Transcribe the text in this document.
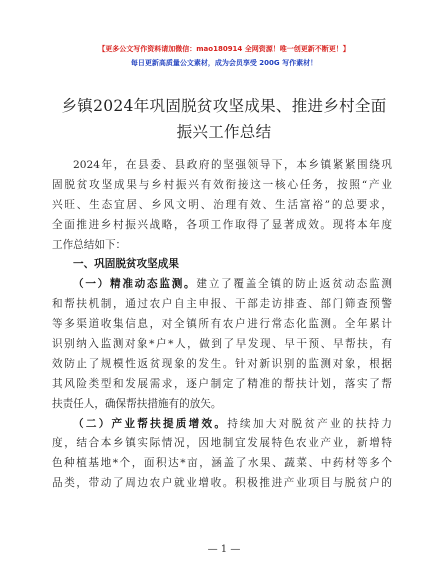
【更多公文写作资料请加微信：mao180914 全网资源！唯一创更新不断更！】
每日更新高质量公文素材，成为会员享受 200G 写作素材！
乡镇2024年巩固脱贫攻坚成果、推进乡村全面
振兴工作总结
2024年，在县委、县政府的坚强领导下，本乡镇紧紧围绕巩
固脱贫攻坚成果与乡村振兴有效衔接这一核心任务，按照“产业
兴旺、生态宜居、乡风文明、治理有效、生活富裕”的总要求，
全面推进乡村振兴战略，各项工作取得了显著成效。现将本年度
工作总结如下：
一、巩固脱贫攻坚成果
（一）精准动态监测。建立了覆盖全镇的防止返贫动态监测
和帮扶机制，通过农户自主申报、干部走访排查、部门筛查预警
等多渠道收集信息，对全镇所有农户进行常态化监测。全年累计
识别纳入监测对象*户*人，做到了早发现、早干预、早帮扶，有
效防止了规模性返贫现象的发生。针对新识别的监测对象，根据
其风险类型和发展需求，逐户制定了精准的帮扶计划，落实了帮
扶责任人，确保帮扶措施有的放矢。
（二）产业帮扶提质增效。持续加大对脱贫产业的扶持力
度，结合本乡镇实际情况，因地制宜发展特色农业产业，新增特
色种植基地*个，面积达*亩，涵盖了水果、蔬菜、中药材等多个
品类，带动了周边农户就业增收。积极推进产业项目与脱贫户的
— 1 —
